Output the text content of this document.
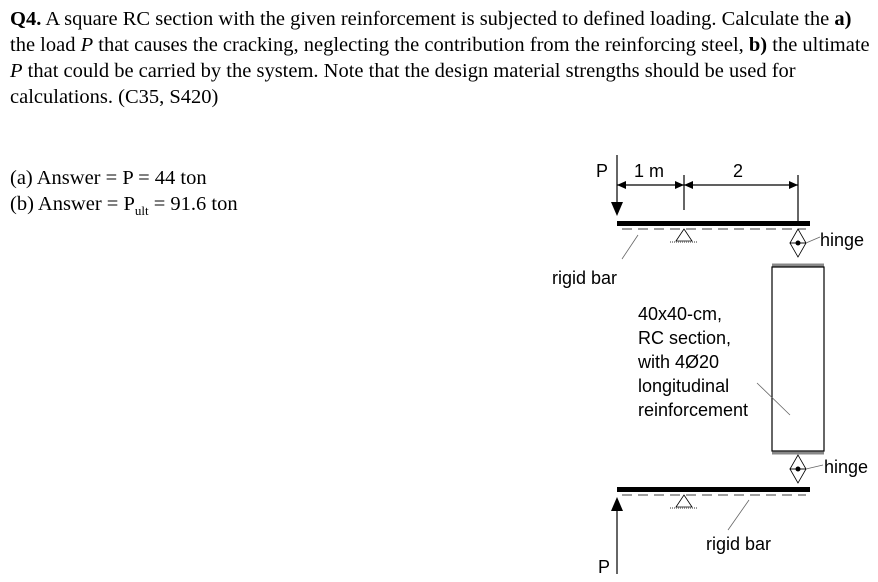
Q4. A square RC section with the given reinforcement is subjected to defined loading. Calculate the a) the load P that causes the cracking, neglecting the contribution from the reinforcing steel, b) the ultimate P that could be carried by the system. Note that the design material strengths should be used for calculations. (C35, S420)
(a) Answer = P = 44 ton
(b) Answer = $P_{ult} = 91.6$ ton
P 1 m	2
rigid bar
hinge
40x40-cm,
RC section,
with 4Ø20
longitudinal
reinforcement
hinge
rigid bar
P
